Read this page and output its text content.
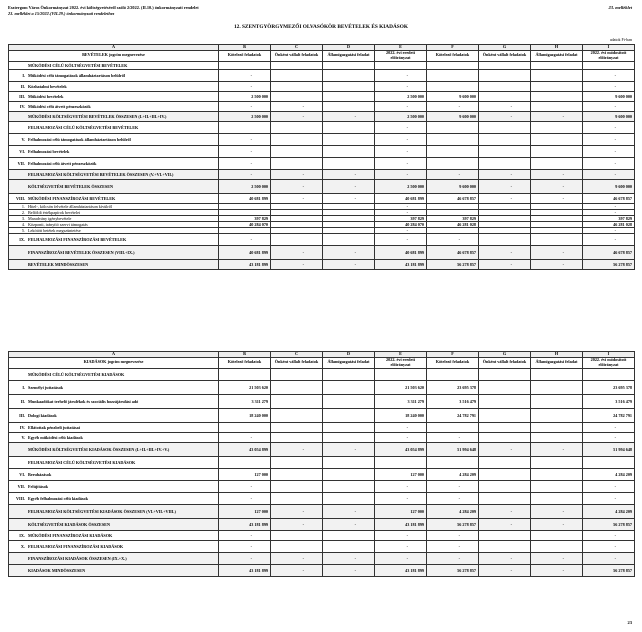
Esztergom Város Önkormányzat 2022. évi költségvetéséről szóló 2/2022. (II.10.) önkormányzati rendelet
23. melléklet a 15/2022.(VII.29.) önkormányzati rendelethez
23. melléklet
12. SZENTGYÖRGYMEZŐI OLVASÓKÖR BEVÉTELEK ÉS KIADÁSOK
adatok Ft-ban
A	B	C	D	E	F	G	H	I
BEVÉTELEK jogcím megnevezése	Kötelező feladatok	Önként vállalt feladatok	Államigazgatási feladat	2022. évi eredeti előirányzat	Kötelező feladatok	Önként vállalt feladatok	Államigazgatási feladat	2022. évi módosított előirányzat
MŰKÖDÉSI CÉLÚ KÖLTSÉGVETÉSI BEVÉTELEK								
I. Működési célú támogatások államháztartáson belülről	-			-				-
II. Közhatalmi bevételek	-			-				-
III. Működési bevételek	2 500 000			2 500 000	9 600 000			9 600 000
IV. Működési célú átvett pénzeszközök	-	-		-	-	-		-
MŰKÖDÉSI KÖLTSÉGVETÉSI BEVÉTELEK ÖSSZESEN (I.+II.+III.+IV.)	2 500 000	-	-	2 500 000	9 600 000	-	-	9 600 000
FELHALMOZÁSI CÉLÚ KÖLTSÉGVETÉSI BEVÉTELEK				-				-
V. Felhalmozási célú támogatások államháztartáson belülről	-			-				-
VI. Felhalmozási bevételek	-			-				-
VII. Felhalmozási célú átvett pénzeszközök	-			-				-
FELHALMOZÁSI KÖLTSÉGVETÉSI BEVÉTELEK ÖSSZESEN (V.+VI.+VII.)	-	-	-	-	-	-	-	-
KÖLTSÉGVETÉSI BEVÉTELEK ÖSSZESEN	2 500 000	-	-	2 500 000	9 600 000	-	-	9 600 000
VIII. MŰKÖDÉSI FINANSZÍROZÁSI BEVÉTELEK	40 681 899	-	-	40 681 899	46 678 857	-	-	46 678 857
1. Hitel-, kölcsön felvétele államháztartáson kívülről				-				-
2. Belföldi értékpapírok bevételei				-				-
3. Maradvány igénybevétele	397 829			397 829	397 829			397 829
4. Központi, irányító szervi támogatás	40 284 070			40 284 070	46 281 028			46 281 028
5. Lekötött betétek megszüntetése				-				-
IX. FELHALMOZÁSI FINANSZÍROZÁSI BEVÉTELEK	-			-	-			-
FINANSZÍROZÁSI BEVÉTELEK ÖSSZESEN (VIII.+IX.)	40 681 899	-	-	40 681 899	46 678 857	-	-	46 678 857
BEVÉTELEK MINDÖSSZESEN	43 181 899	-	-	43 181 899	56 278 857	-	-	56 278 857
A	B	C	D	E	F	G	H	I
KIADÁSOK jogcím megnevezése	Kötelező feladatok	Önként vállalt feladatok	Államigazgatási feladat	2022. évi eredeti előirányzat	Kötelező feladatok	Önként vállalt feladatok	Államigazgatási feladat	2022. évi módosított előirányzat
MŰKÖDÉSI CÉLÚ KÖLTSÉGVETÉSI KIADÁSOK								
I. Személyi juttatások	21 503 620			21 503 620	23 695 378			23 695 378
II. Munkaadókat terhelő járulékok és szociális hozzájárulási adó	3 311 279			3 311 279	3 516 479			3 516 479
III. Dologi kiadások	18 240 000			18 240 000	24 782 791			24 782 791
IV. Ellátottak pénzbeli juttatásai				-				-
V. Egyéb működési célú kiadások	-			-	-			-
MŰKÖDÉSI KÖLTSÉGVETÉSI KIADÁSOK ÖSSZESEN (I.+II.+III.+IV.+V.)	43 054 899	-	-	43 054 899	51 994 648	-	-	51 994 648
FELHALMOZÁSI CÉLÚ KÖLTSÉGVETÉSI KIADÁSOK								
VI. Beruházások	127 000			127 000	4 284 209			4 284 209
VII. Felújítások	-			-	-			-
VIII. Egyéb felhalmozási célú kiadások	-			-	-			-
FELHALMOZÁSI KÖLTSÉGVETÉSI KIADÁSOK ÖSSZESEN (VI.+VII.+VIII.)	127 000	-	-	127 000	4 284 209	-	-	4 284 209
KÖLTSÉGVETÉSI KIADÁSOK ÖSSZESEN	43 181 899	-	-	43 181 899	56 278 857	-	-	56 278 857
IX. MŰKÖDÉSI FINANSZÍROZÁSI KIADÁSOK	-			-	-			-
X. FELHALMOZÁSI FINANSZÍROZÁSI KIADÁSOK	-			-	-			-
FINANSZÍROZÁSI KIADÁSOK ÖSSZESEN (IX.+X.)	-	-	-	-	-	-	-	-
KIADÁSOK MINDÖSSZESEN	43 181 899	-	-	43 181 899	56 278 857	-	-	56 278 857
23
